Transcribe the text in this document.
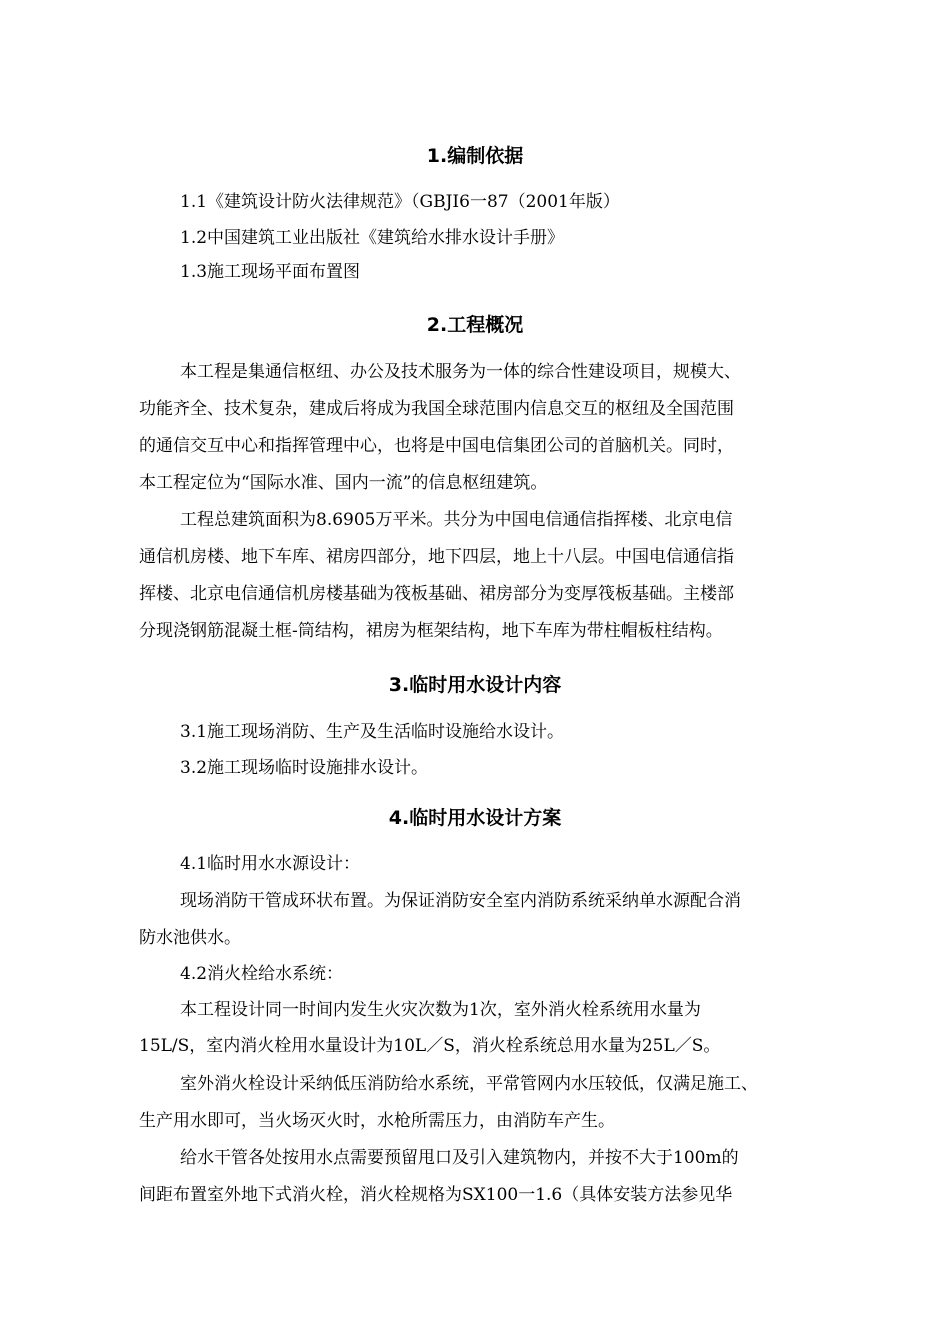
1.编制依据
1.1《建筑设计防火法律规范》（GBJI6一87（2001年版）
1.2中国建筑工业出版社《建筑给水排水设计手册》
1.3施工现场平面布置图
2.工程概况
本工程是集通信枢纽、办公及技术服务为一体的综合性建设项目，规模大、
功能齐全、技术复杂，建成后将成为我国全球范围内信息交互的枢纽及全国范围
的通信交互中心和指挥管理中心，也将是中国电信集团公司的首脑机关。同时，
本工程定位为“国际水准、国内一流”的信息枢纽建筑。
工程总建筑面积为8.6905万平米。共分为中国电信通信指挥楼、北京电信
通信机房楼、地下车库、裙房四部分，地下四层，地上十八层。中国电信通信指
挥楼、北京电信通信机房楼基础为筏板基础、裙房部分为变厚筏板基础。主楼部
分现浇钢筋混凝土框-筒结构，裙房为框架结构，地下车库为带柱帽板柱结构。
3.临时用水设计内容
3.1施工现场消防、生产及生活临时设施给水设计。
3.2施工现场临时设施排水设计。
4.临时用水设计方案
4.1临时用水水源设计：
现场消防干管成环状布置。为保证消防安全室内消防系统采纳单水源配合消
防水池供水。
4.2消火栓给水系统：
本工程设计同一时间内发生火灾次数为1次，室外消火栓系统用水量为
15L/S，室内消火栓用水量设计为10L／S，消火栓系统总用水量为25L／S。
室外消火栓设计采纳低压消防给水系统，平常管网内水压较低，仅满足施工、
生产用水即可，当火场灭火时，水枪所需压力，由消防车产生。
给水干管各处按用水点需要预留甩口及引入建筑物内，并按不大于100m的
间距布置室外地下式消火栓，消火栓规格为SX100一1.6（具体安装方法参见华
